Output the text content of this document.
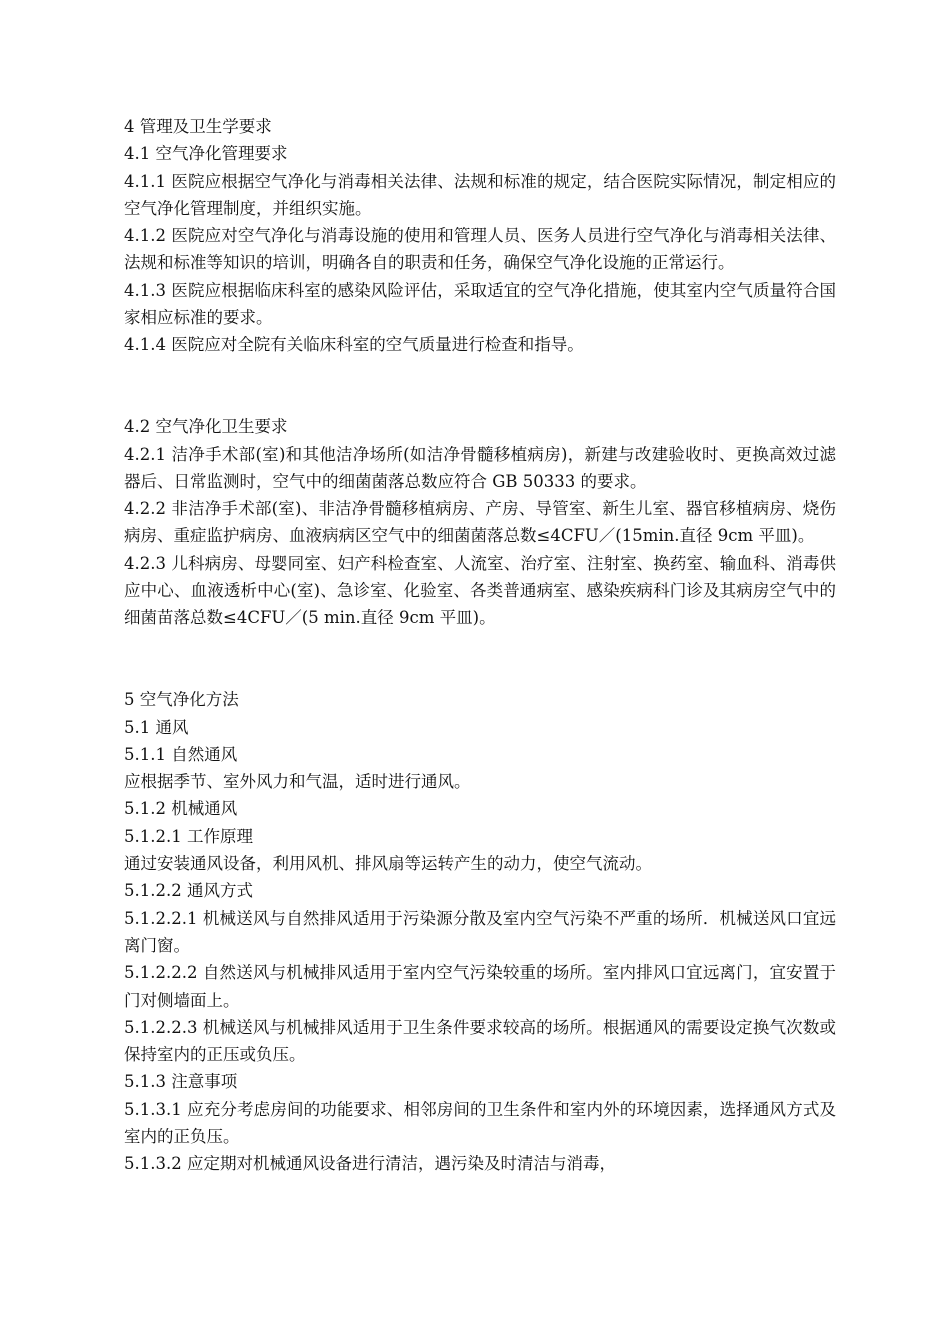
4 管理及卫生学要求

4.1 空气净化管理要求

4.1.1 医院应根据空气净化与消毒相关法律、法规和标准的规定，结合医院实际情况，制定相应的空气净化管理制度，并组织实施。

4.1.2 医院应对空气净化与消毒设施的使用和管理人员、医务人员进行空气净化与消毒相关法律、法规和标准等知识的培训，明确各自的职责和任务，确保空气净化设施的正常运行。

4.1.3 医院应根据临床科室的感染风险评估，采取适宜的空气净化措施，使其室内空气质量符合国家相应标准的要求。

4.1.4 医院应对全院有关临床科室的空气质量进行检查和指导。

4.2 空气净化卫生要求

4.2.1 洁净手术部(室)和其他洁净场所(如洁净骨髓移植病房)，新建与改建验收时、更换高效过滤器后、日常监测时，空气中的细菌菌落总数应符合 GB 50333 的要求。

4.2.2 非洁净手术部(室)、非洁净骨髓移植病房、产房、导管室、新生儿室、器官移植病房、烧伤病房、重症监护病房、血液病病区空气中的细菌菌落总数≤4CFU／(15min.直径 9cm 平皿)。

4.2.3 儿科病房、母婴同室、妇产科检查室、人流室、治疗室、注射室、换药室、输血科、消毒供应中心、血液透析中心(室)、急诊室、化验室、各类普通病室、感染疾病科门诊及其病房空气中的细菌苗落总数≤4CFU／(5 min.直径 9cm 平皿)。

5 空气净化方法

5.1 通风

5.1.1 自然通风

应根据季节、室外风力和气温，适时进行通风。

5.1.2 机械通风

5.1.2.1 工作原理

通过安装通风设备，利用风机、排风扇等运转产生的动力，使空气流动。

5.1.2.2 通风方式

5.1.2.2.1 机械送风与自然排风适用于污染源分散及室内空气污染不严重的场所．机械送风口宜远离门窗。

5.1.2.2.2 自然送风与机械排风适用于室内空气污染较重的场所。室内排风口宜远离门，宜安置于门对侧墙面上。

5.1.2.2.3 机械送风与机械排风适用于卫生条件要求较高的场所。根据通风的需要设定换气次数或保持室内的正压或负压。

5.1.3 注意事项

5.1.3.1 应充分考虑房间的功能要求、相邻房间的卫生条件和室内外的环境因素，选择通风方式及室内的正负压。

5.1.3.2 应定期对机械通风设备进行清洁，遇污染及时清洁与消毒，
